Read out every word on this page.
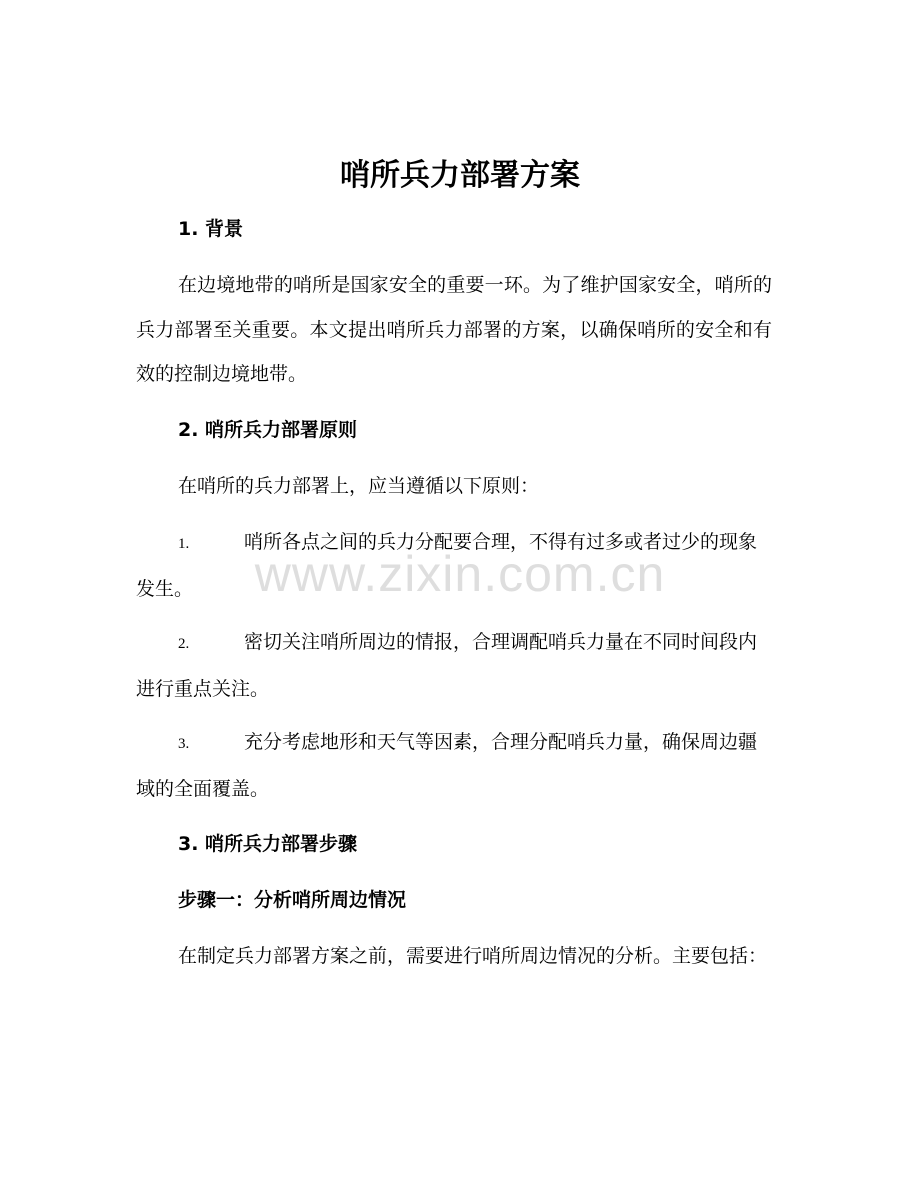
哨所兵力部署方案
1. 背景

在边境地带的哨所是国家安全的重要一环。为了维护国家安全，哨所的兵力部署至关重要。本文提出哨所兵力部署的方案，以确保哨所的安全和有效的控制边境地带。

2. 哨所兵力部署原则

在哨所的兵力部署上，应当遵循以下原则：

1.	哨所各点之间的兵力分配要合理，不得有过多或者过少的现象发生。

2.	密切关注哨所周边的情报，合理调配哨兵力量在不同时间段内进行重点关注。

3.	充分考虑地形和天气等因素，合理分配哨兵力量，确保周边疆域的全面覆盖。

3. 哨所兵力部署步骤
步骤一：分析哨所周边情况

在制定兵力部署方案之前，需要进行哨所周边情况的分析。主要包括：

www.zixin.com.cn
